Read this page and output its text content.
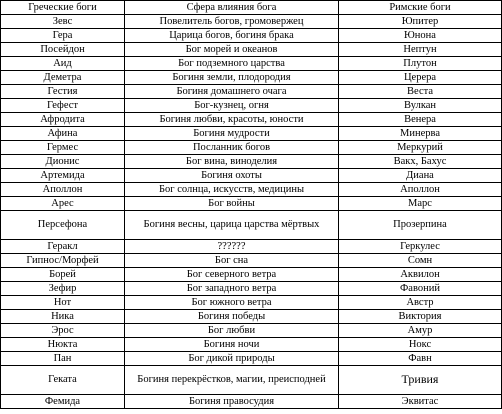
Греческие боги	Сфера влияния бога	Римские боги
Зевс	Повелитель богов, громовержец	Юпитер
Гера	Царица богов, богиня брака	Юнона
Посейдон	Бог морей и океанов	Нептун
Аид	Бог подземного царства	Плутон
Деметра	Богиня земли, плодородия	Церера
Гестия	Богиня домашнего очага	Веста
Гефест	Бог-кузнец, огня	Вулкан
Афродита	Богиня любви, красоты, юности	Венера
Афина	Богиня мудрости	Минерва
Гермес	Посланник богов	Меркурий
Дионис	Бог вина, виноделия	Вакх, Бахус
Артемида	Богиня охоты	Диана
Аполлон	Бог солнца, искусств, медицины	Аполлон
Арес	Бог войны	Марс
Персефона	Богиня весны, царица царства мёртвых	Прозерпина
Геракл	??????	Геркулес
Гипнос/Морфей	Бог сна	Сомн
Борей	Бог северного ветра	Аквилон
Зефир	Бог западного ветра	Фавоний
Нот	Бог южного ветра	Австр
Ника	Богиня победы	Виктория
Эрос	Бог любви	Амур
Нюкта	Богиня ночи	Нокс
Пан	Бог дикой природы	Фавн
Геката	Богиня перекрёстков, магии, преисподней	Тривия
Фемида	Богиня правосудия	Эквитас
